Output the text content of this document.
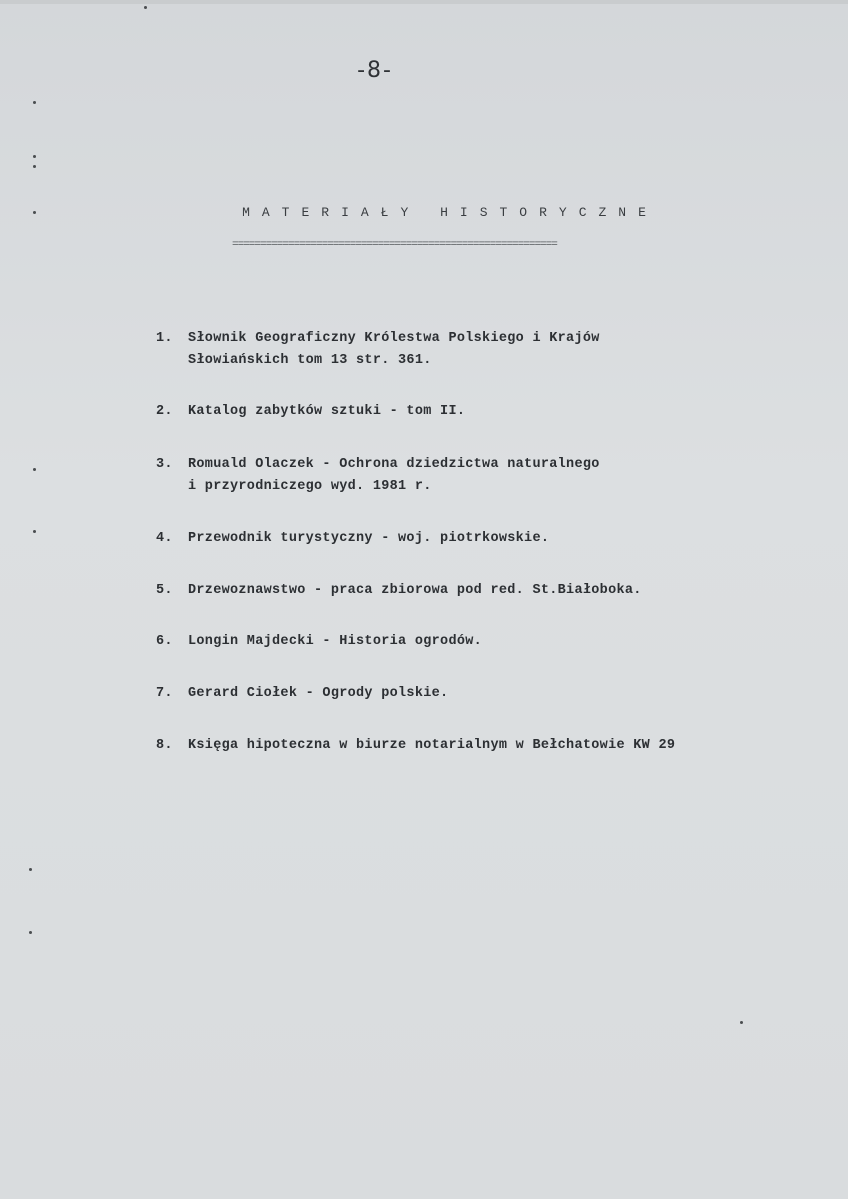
-8-
MATERIAŁY HISTORYCZNE
==========================================================
1. Słownik Geograficzny Królestwa Polskiego i Krajów
Słowiańskich tom 13 str. 361.
2. Katalog zabytków sztuki - tom II.
3. Romuald Olaczek - Ochrona dziedzictwa naturalnego
i przyrodniczego wyd. 1981 r.
4. Przewodnik turystyczny - woj. piotrkowskie.
5. Drzewoznawstwo - praca zbiorowa pod red. St.Białoboka.
6. Longin Majdecki - Historia ogrodów.
7. Gerard Ciołek - Ogrody polskie.
8. Księga hipoteczna w biurze notarialnym w Bełchatowie KW 29
